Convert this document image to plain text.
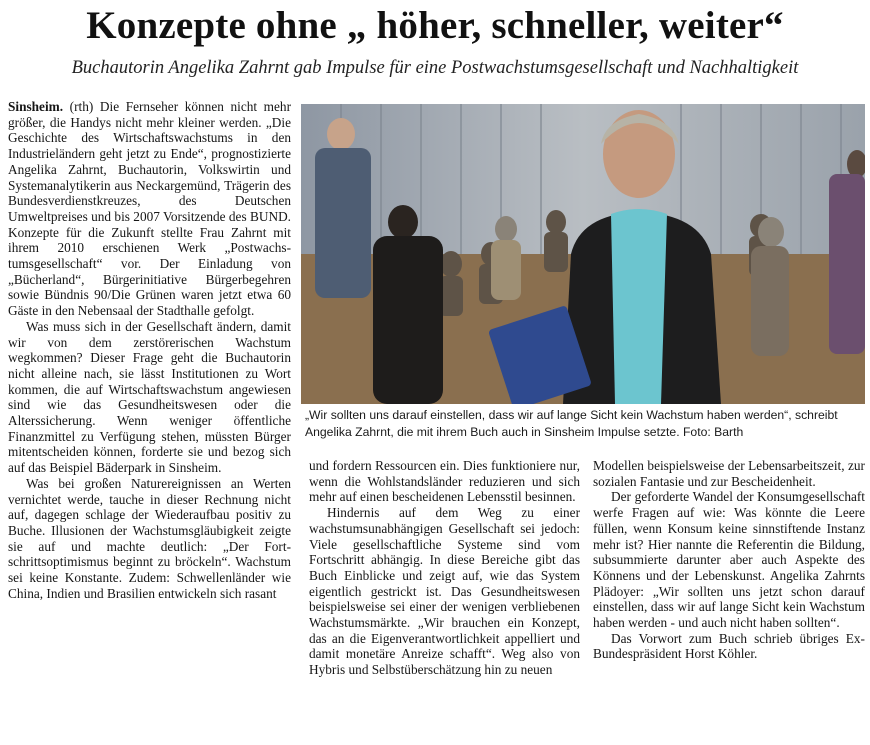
Konzepte ohne „ höher, schneller, weiter“
Buchautorin Angelika Zahrnt gab Impulse für eine Postwachstumsgesellschaft und Nachhaltigkeit

Sinsheim. (rth) Die Fernseher können nicht mehr größer, die Handys nicht mehr kleiner werden. „Die Geschichte des Wirtschaftswachstums in den Industrieländern geht jetzt zu Ende“, prognostizierte Angelika Zahrnt, Buchautorin, Volkswirtin und Systemanalytikerin aus Neckargemünd, Trägerin des Bundesverdienstkreuzes, des Deutschen Umweltpreises und bis 2007 Vorsitzende des BUND. Konzepte für die Zukunft stellte Frau Zahrnt mit ihrem 2010 erschienen Werk „Postwachstumsgesellschaft“ vor. Der Einladung von „Bücherland“, Bürgerinitiative Bürgerbegehren sowie Bündnis 90/Die Grünen waren jetzt etwa 60 Gäste in den Nebensaal der Stadthalle gefolgt.

Was muss sich in der Gesellschaft ändern, damit wir von dem zerstörerischen Wachstum wegkommen? Dieser Frage geht die Buchautorin nicht alleine nach, sie lässt Institutionen zu Wort kommen, die auf Wirtschaftswachstum angewiesen sind wie das Gesundheitswesen oder die Alterssicherung. Wenn weniger öffentliche Finanzmittel zu Verfügung stehen, müssten Bürger mitentscheiden können, forderte sie und bezog sich auf das Beispiel Bäderpark in Sinsheim.

Was bei großen Naturereignissen an Werten vernichtet werde, tauche in dieser Rechnung nicht auf, dagegen schlage der Wiederaufbau positiv zu Buche. Illusionen der Wachstumsgläubigkeit zeigte sie auf und machte deutlich: „Der Fortschrittsoptimismus beginnt zu bröckeln“. Wachstum sei keine Konstante. Zudem: Schwellenländer wie China, Indien und Brasilien entwickeln sich rasant

„Wir sollten uns darauf einstellen, dass wir auf lange Sicht kein Wachstum haben werden“, schreibt Angelika Zahrnt, die mit ihrem Buch auch in Sinsheim Impulse setzte. Foto: Barth

und fordern Ressourcen ein. Dies funktioniere nur, wenn die Wohlstandsländer reduzieren und sich mehr auf einen bescheidenen Lebensstil besinnen.

Hindernis auf dem Weg zu einer wachstumsunabhängigen Gesellschaft sei jedoch: Viele gesellschaftliche Systeme sind vom Fortschritt abhängig. In diese Bereiche gibt das Buch Einblicke und zeigt auf, wie das System eigentlich gestrickt ist. Das Gesundheitswesen beispielsweise sei einer der wenigen verbliebenen Wachstumsmärkte. „Wir brauchen ein Konzept, das an die Eigenverantwortlichkeit appelliert und damit monetäre Anreize schafft“. Weg also von Hybris und Selbstüberschätzung hin zu neuen

Modellen beispielsweise der Lebensarbeitszeit, zur sozialen Fantasie und zur Bescheidenheit.

Der geforderte Wandel der Konsumgesellschaft werfe Fragen auf wie: Was könnte die Leere füllen, wenn Konsum keine sinnstiftende Instanz mehr ist? Hier nannte die Referentin die Bildung, subsummierte darunter aber auch Aspekte des Könnens und der Lebenskunst. Angelika Zahrnts Plädoyer: „Wir sollten uns jetzt schon darauf einstellen, dass wir auf lange Sicht kein Wachstum haben werden - und auch nicht haben sollten“.

Das Vorwort zum Buch schrieb übriges Ex-Bundespräsident Horst Köhler.
